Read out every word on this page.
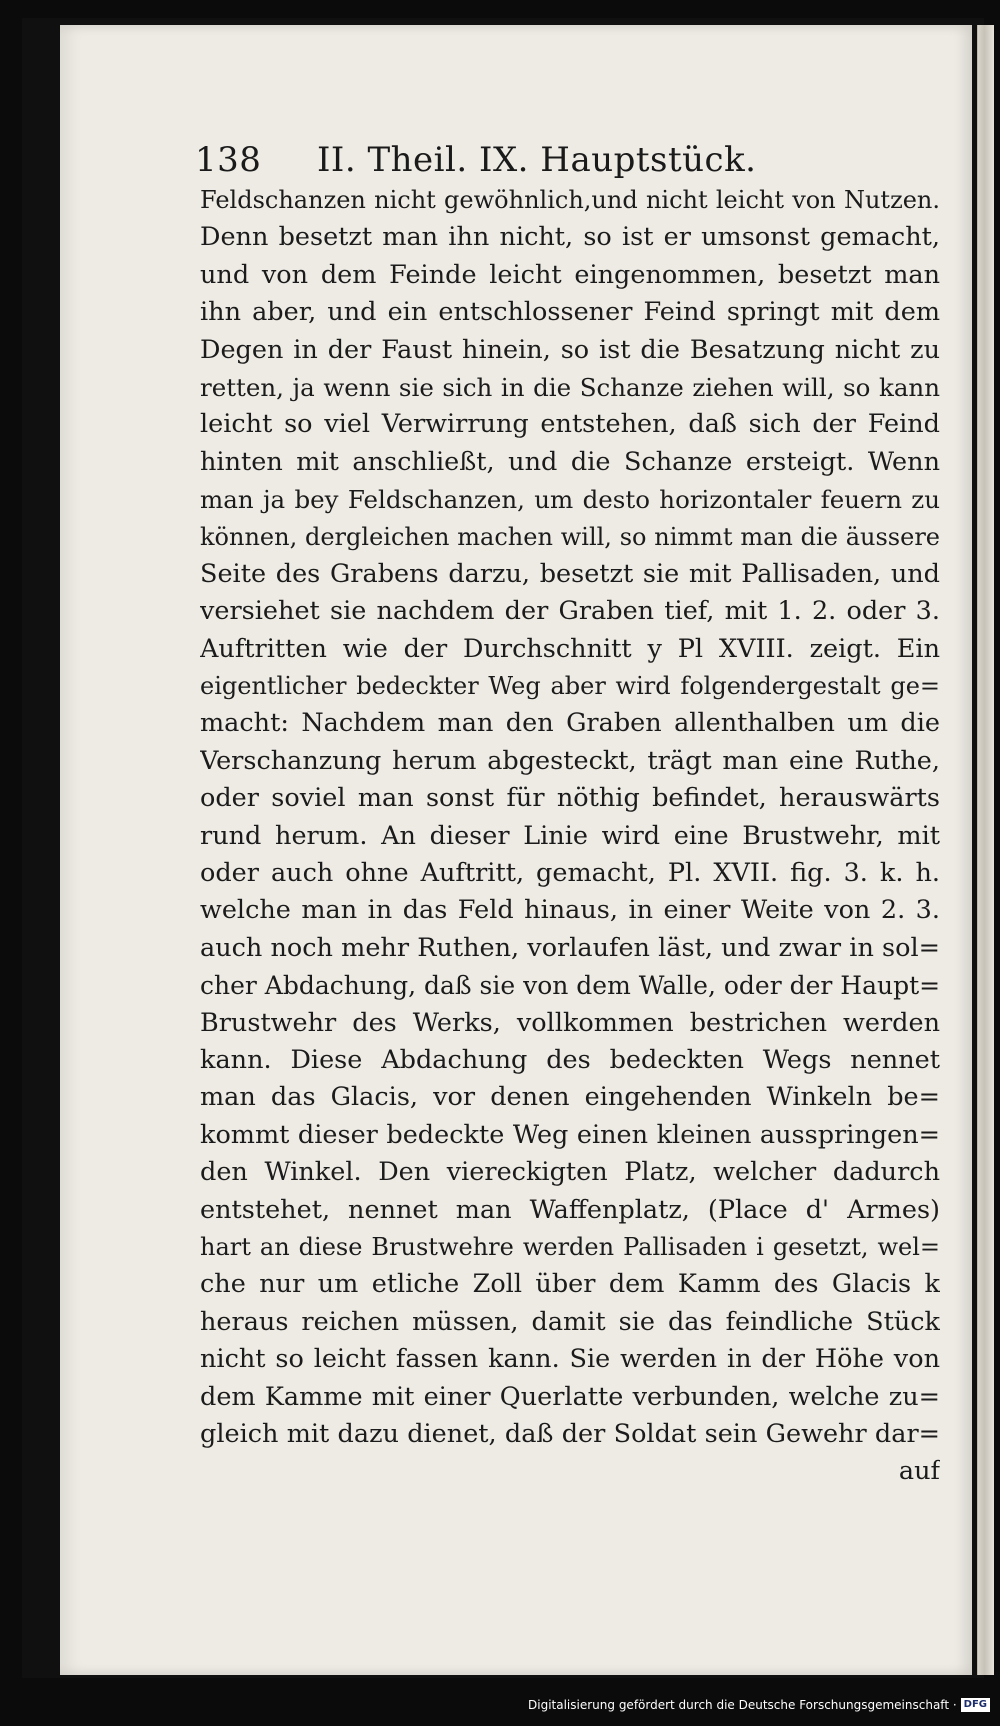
138 II. Theil. IX. Hauptstück.
Feldschanzen nicht gewöhnlich,und nicht leicht von Nutzen.
Denn besetzt man ihn nicht, so ist er umsonst gemacht,
und von dem Feinde leicht eingenommen, besetzt man
ihn aber, und ein entschlossener Feind springt mit dem
Degen in der Faust hinein, so ist die Besatzung nicht zu
retten, ja wenn sie sich in die Schanze ziehen will, so kann
leicht so viel Verwirrung entstehen, daß sich der Feind
hinten mit anschließt, und die Schanze ersteigt. Wenn
man ja bey Feldschanzen, um desto horizontaler feuern zu
können, dergleichen machen will, so nimmt man die äussere
Seite des Grabens darzu, besetzt sie mit Pallisaden, und
versiehet sie nachdem der Graben tief, mit 1. 2. oder 3.
Auftritten wie der Durchschnitt y Pl XVIII. zeigt. Ein
eigentlicher bedeckter Weg aber wird folgendergestalt ge=
macht: Nachdem man den Graben allenthalben um die
Verschanzung herum abgesteckt, trägt man eine Ruthe,
oder soviel man sonst für nöthig befindet, herauswärts
rund herum. An dieser Linie wird eine Brustwehr, mit
oder auch ohne Auftritt, gemacht, Pl. XVII. fig. 3. k. h.
welche man in das Feld hinaus, in einer Weite von 2. 3.
auch noch mehr Ruthen, vorlaufen läst, und zwar in sol=
cher Abdachung, daß sie von dem Walle, oder der Haupt=
Brustwehr des Werks, vollkommen bestrichen werden
kann. Diese Abdachung des bedeckten Wegs nennet
man das Glacis, vor denen eingehenden Winkeln be=
kommt dieser bedeckte Weg einen kleinen ausspringen=
den Winkel. Den viereckigten Platz, welcher dadurch
entstehet, nennet man Waffenplatz, (Place d' Armes)
hart an diese Brustwehre werden Pallisaden i gesetzt, wel=
che nur um etliche Zoll über dem Kamm des Glacis k
heraus reichen müssen, damit sie das feindliche Stück
nicht so leicht fassen kann. Sie werden in der Höhe von
dem Kamme mit einer Querlatte verbunden, welche zu=
gleich mit dazu dienet, daß der Soldat sein Gewehr dar=
auf
Digitalisierung gefördert durch die Deutsche Forschungsgemeinschaft · DFG
